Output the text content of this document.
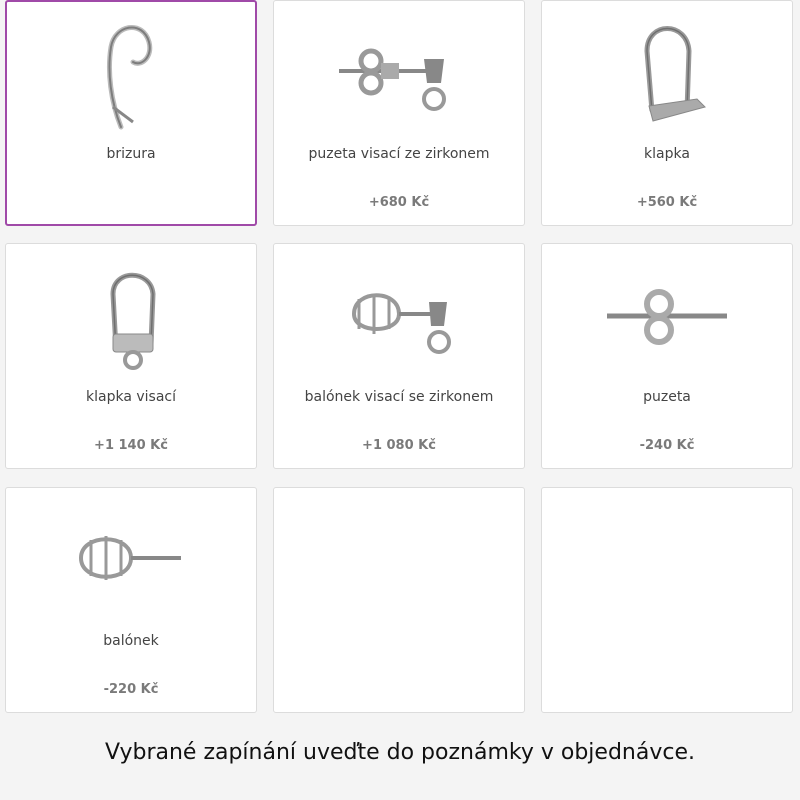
brizura	puzeta visací ze zirkonem
+680 Kč
klapka
+560 Kč
klapka visací
+1 140 Kč
balónek visací se zirkonem
+1 080 Kč
puzeta
-240 Kč
balónek
-220 Kč
Vybrané zapínání uveďte do poznámky v objednávce.
